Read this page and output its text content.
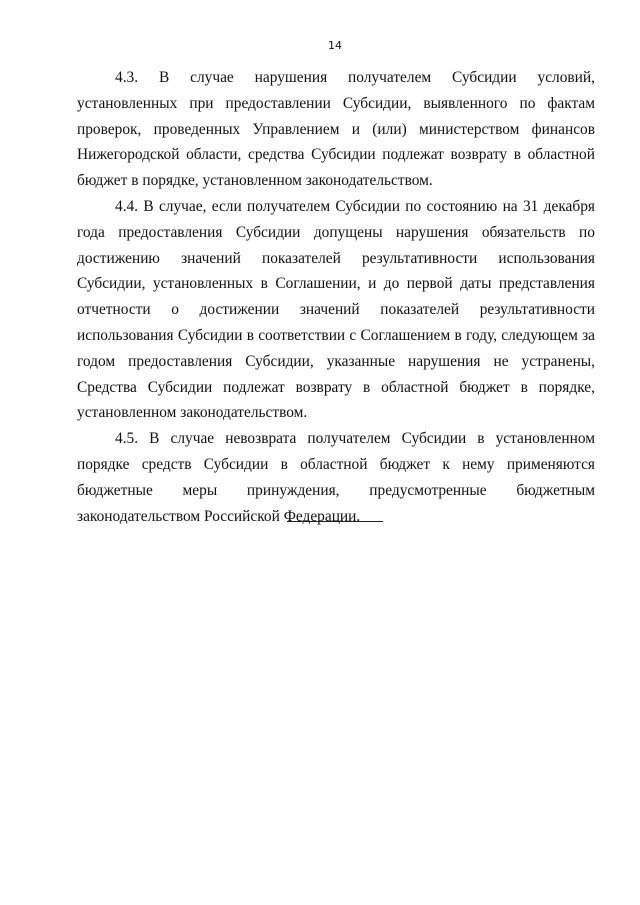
14

4.3. В случае нарушения получателем Субсидии условий, установленных при предоставлении Субсидии, выявленного по фактам проверок, проведенных Управлением и (или) министерством финансов Нижегородской области, средства Субсидии подлежат возврату в областной бюджет в порядке, установленном законодательством.

4.4. В случае, если получателем Субсидии по состоянию на 31 декабря года предоставления Субсидии допущены нарушения обязательств по достижению значений показателей результативности использования Субсидии, установленных в Соглашении, и до первой даты представления отчетности о достижении значений показателей результативности использования Субсидии в соответствии с Соглашением в году, следующем за годом предоставления Субсидии, указанные нарушения не устранены, Средства Субсидии подлежат возврату в областной бюджет в порядке, установленном законодательством.

4.5. В случае невозврата получателем Субсидии в установленном порядке средств Субсидии в областной бюджет к нему применяются бюджетные меры принуждения, предусмотренные бюджетным законодательством Российской Федерации.
